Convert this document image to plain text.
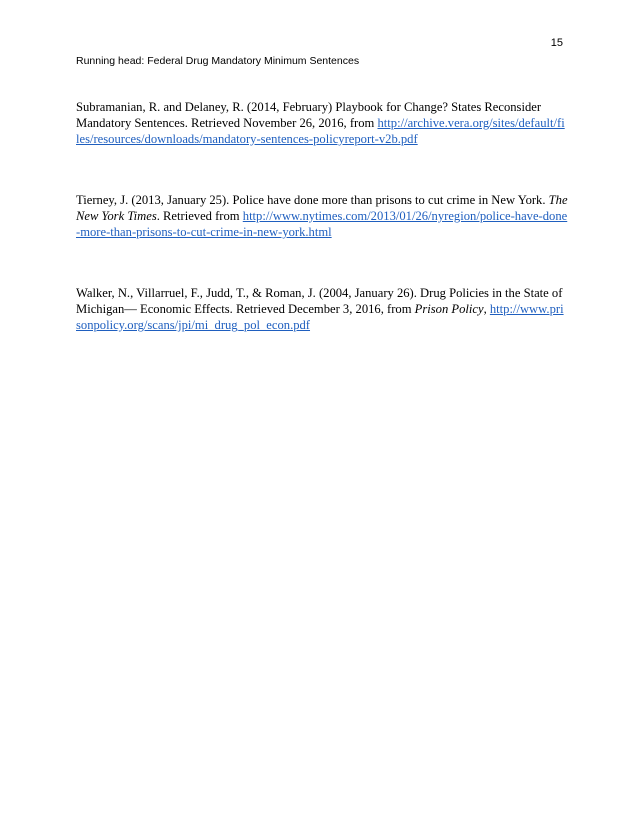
15
Running head: Federal Drug Mandatory Minimum Sentences

Subramanian, R. and Delaney, R. (2014, February) Playbook for Change? States Reconsider Mandatory Sentences. Retrieved November 26, 2016, from http://archive.vera.org/sites/default/files/resources/downloads/mandatory-sentences-policyreport-v2b.pdf

Tierney, J. (2013, January 25). Police have done more than prisons to cut crime in New York. The New York Times. Retrieved from http://www.nytimes.com/2013/01/26/nyregion/police-have-done-more-than-prisons-to-cut-crime-in-new-york.html

Walker, N., Villarruel, F., Judd, T., & Roman, J. (2004, January 26). Drug Policies in the State of Michigan— Economic Effects. Retrieved December 3, 2016, from Prison Policy, http://www.prisonpolicy.org/scans/jpi/mi_drug_pol_econ.pdf
